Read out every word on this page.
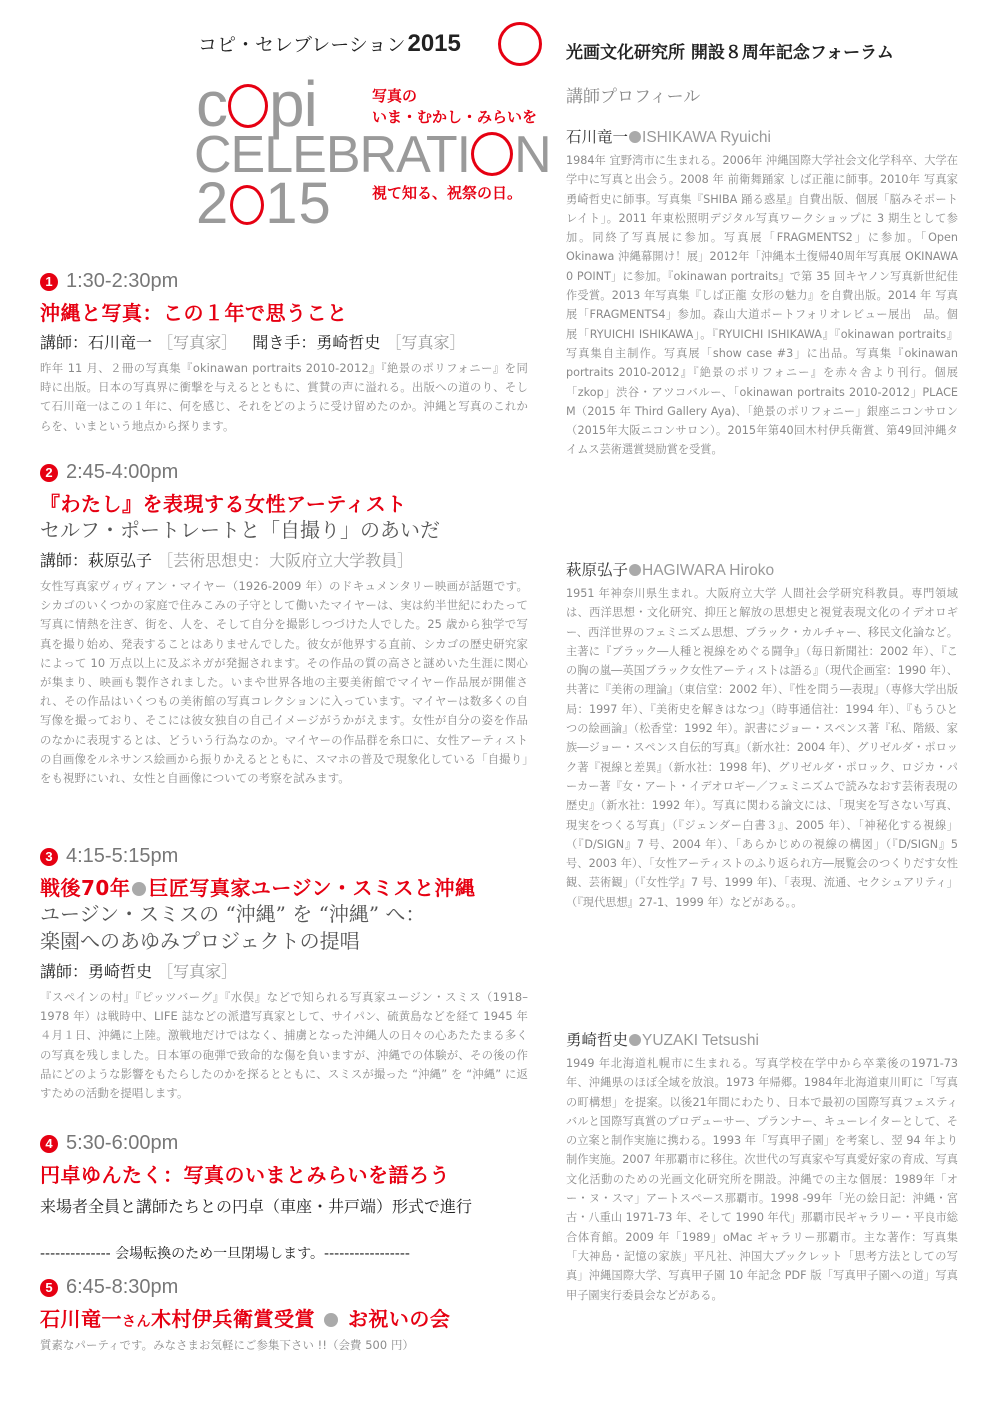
コピ・セレブレーション2015
c pi
CELEBRATI N
2 15
写真の
いま・むかし・みらいを
視て知る、祝祭の日。
光画文化研究所 開設８周年記念フォーラム
講師プロフィール
1 1:30-2:30pm
沖縄と写真：この１年で思うこと
講師：石川竜一 ［写真家］ 聞き手：勇崎哲史 ［写真家］
昨年 11 月、２冊の写真集『okinawan portraits 2010-2012』『絶景のポリフォニー』を同時に出版。日本の写真界に衝撃を与えるとともに、賞賛の声に溢れる。出版への道のり、そして石川竜一はこの１年に、何を感じ、それをどのように受け留めたのか。沖縄と写真のこれからを、いまという地点から探ります。
2 2:45-4:00pm
『わたし』を表現する女性アーティスト
セルフ・ポートレートと「自撮り」のあいだ
講師：萩原弘子 ［芸術思想史：大阪府立大学教員］
女性写真家ヴィヴィアン・マイヤー（1926-2009 年）のドキュメンタリー映画が話題です。シカゴのいくつかの家庭で住みこみの子守として働いたマイヤーは、実は約半世紀にわたって写真に情熱を注ぎ、街を、人を、そして自分を撮影しつづけた人でした。25 歳から独学で写真を撮り始め、発表することはありませんでした。彼女が他界する直前、シカゴの歴史研究家によって 10 万点以上に及ぶネガが発掘されます。その作品の質の高さと謎めいた生涯に関心が集まり、映画も製作されました。いまや世界各地の主要美術館でマイヤー作品展が開催され、その作品はいくつもの美術館の写真コレクションに入っています。マイヤーは数多くの自写像を撮っており、そこには彼女独自の自己イメージがうかがえます。女性が自分の姿を作品のなかに表現するとは、どういう行為なのか。マイヤーの作品群を糸口に、女性アーティストの自画像をルネサンス絵画から振りかえるとともに、スマホの普及で現象化している「自撮り」をも視野にいれ、女性と自画像についての考察を試みます。
3 4:15-5:15pm
戦後70年 巨匠写真家ユージン・スミスと沖縄
ユージン・スミスの “沖縄” を “沖縄” へ：
楽園へのあゆみプロジェクトの提唱
講師：勇崎哲史 ［写真家］
『スペインの村』『ピッツバーグ』『水俣』などで知られる写真家ユージン・スミス（1918–1978 年）は戦時中、LIFE 誌などの派遣写真家として、サイパン、硫黄島などを経て 1945 年４月１日、沖縄に上陸。激戦地だけではなく、捕虜となった沖縄人の日々の心あたたまる多くの写真を残しました。日本軍の砲弾で致命的な傷を負いますが、沖縄での体験が、その後の作品にどのような影響をもたらしたのかを探るとともに、スミスが撮った “沖縄” を “沖縄” に返すための活動を提唱します。
4 5:30-6:00pm
円卓ゆんたく：写真のいまとみらいを語ろう
来場者全員と講師たちとの円卓（車座・井戸端）形式で進行
-------------- 会場転換のため一旦閉場します。-----------------
5 6:45-8:30pm
石川竜一さん木村伊兵衛賞受賞 お祝いの会
質素なパーティです。みなさまお気軽にご参集下さい !!（会費 500 円）
石川竜一 ISHIKAWA Ryuichi
1984年 宜野湾市に生まれる。2006年 沖縄国際大学社会文化学科卒、大学在学中に写真と出会う。2008 年 前衛舞踊家 しば正龍に師事。2010年 写真家 勇崎哲史に師事。写真集『SHIBA 踊る惑星』自費出版、個展「脳みそポートレイト」。2011 年東松照明デジタル写真ワークショップに 3 期生として参加。同終了写真展に参加。写真展「FRAGMENTS2」に参加。「Open Okinawa 沖縄幕開け！展」2012年「沖縄本土復帰40周年写真展 OKINAWA 0 POINT」に参加。『okinawan portraits』で第 35 回キヤノン写真新世紀佳作受賞。2013 年写真集『しば正龍 女形の魅力』を自費出版。2014 年 写真展「FRAGMENTS4」参加。森山大道ポートフォリオレビュー展出　品。個　展「RYUICHI ISHIKAWA」。『RYUICHI ISHIKAWA』『okinawan portraits』写真集自主制作。写真展「show case #3」に出品。写真集『okinawan portraits 2010-2012』『絶景のポリフォニー』を赤々舎より刊行。個展「zkop」渋谷・アツコバルー、「okinawan portraits 2010-2012」PLACE M（2015 年 Third Gallery Aya)、「絶景のポリフォニー」銀座ニコンサロン（2015年大阪ニコンサロン）。2015年第40回木村伊兵衛賞、第49回沖縄タイムス芸術選賞奨励賞を受賞。
萩原弘子 HAGIWARA Hiroko
1951 年神奈川県生まれ。大阪府立大学 人間社会学研究科教員。専門領域は、西洋思想・文化研究、抑圧と解放の思想史と視覚表現文化のイデオロギー、西洋世界のフェミニズム思想、ブラック・カルチャー、移民文化論など。主著に『ブラック―人種と視線をめぐる闘争』（毎日新聞社：2002 年）、『この胸の嵐―英国ブラック女性アーティストは語る』（現代企画室：1990 年）、共著に『美術の理論』（東信堂：2002 年）、『性を問う―表現』（専修大学出版局：1997 年）、『美術史を解きはなつ』（時事通信社：1994 年）、『もうひとつの絵画論』（松香堂：1992 年）。訳書にジョー・スペンス著『私、階級、家族―ジョー・スペンス自伝的写真』（新水社：2004 年）、グリゼルダ・ポロック著『視線と差異』（新水社：1998 年)、グリゼルダ・ポロック、ロジカ・パーカー著『女・アート・イデオロギー／フェミニズムで読みなおす芸術表現の歴史』（新水社：1992 年）。写真に関わる論文には、「現実を写さない写真、現実をつくる写真」（『ジェンダー白書３』、2005 年）、「神秘化する視線」（『D/SIGN』7 号、2004 年）、「あらかじめの視線の構図」（『D/SIGN』5 号、2003 年）、「女性アーティストのふり返られ方―展覧会のつくりだす女性観、芸術観」（『女性学』7 号、1999 年)、「表現、流通、セクシュアリティ」（『現代思想』27-1、1999 年）などがある。。
勇崎哲史 YUZAKI Tetsushi
1949 年北海道札幌市に生まれる。写真学校在学中から卒業後の1971-73 年、沖縄県のほぼ全域を放浪。1973 年帰郷。1984年北海道東川町に「写真の町構想」を提案。以後21年間にわたり、日本で最初の国際写真フェスティバルと国際写真賞のプロデューサー、プランナー、キューレイターとして、その立案と制作実施に携わる。1993 年「写真甲子園」を考案し、翌 94 年より制作実施。2007 年那覇市に移住。次世代の写真家や写真愛好家の育成、写真文化活動のための光画文化研究所を開設。沖縄での主な個展：1989年「オー・ヌ・スマ」アートスペース那覇市。1998 -99年「光の絵日記：沖縄・宮古・八重山 1971-73 年、そして 1990 年代」那覇市民ギャラリー・平良市総合体育館。2009 年「1989」oMac ギャラリー那覇市。主な著作：写真集「大神島・記憶の家族」平凡社、沖国大ブックレット「思考方法としての写真」沖縄国際大学、写真甲子園 10 年記念 PDF 版「写真甲子園への道」写真甲子園実行委員会などがある。
